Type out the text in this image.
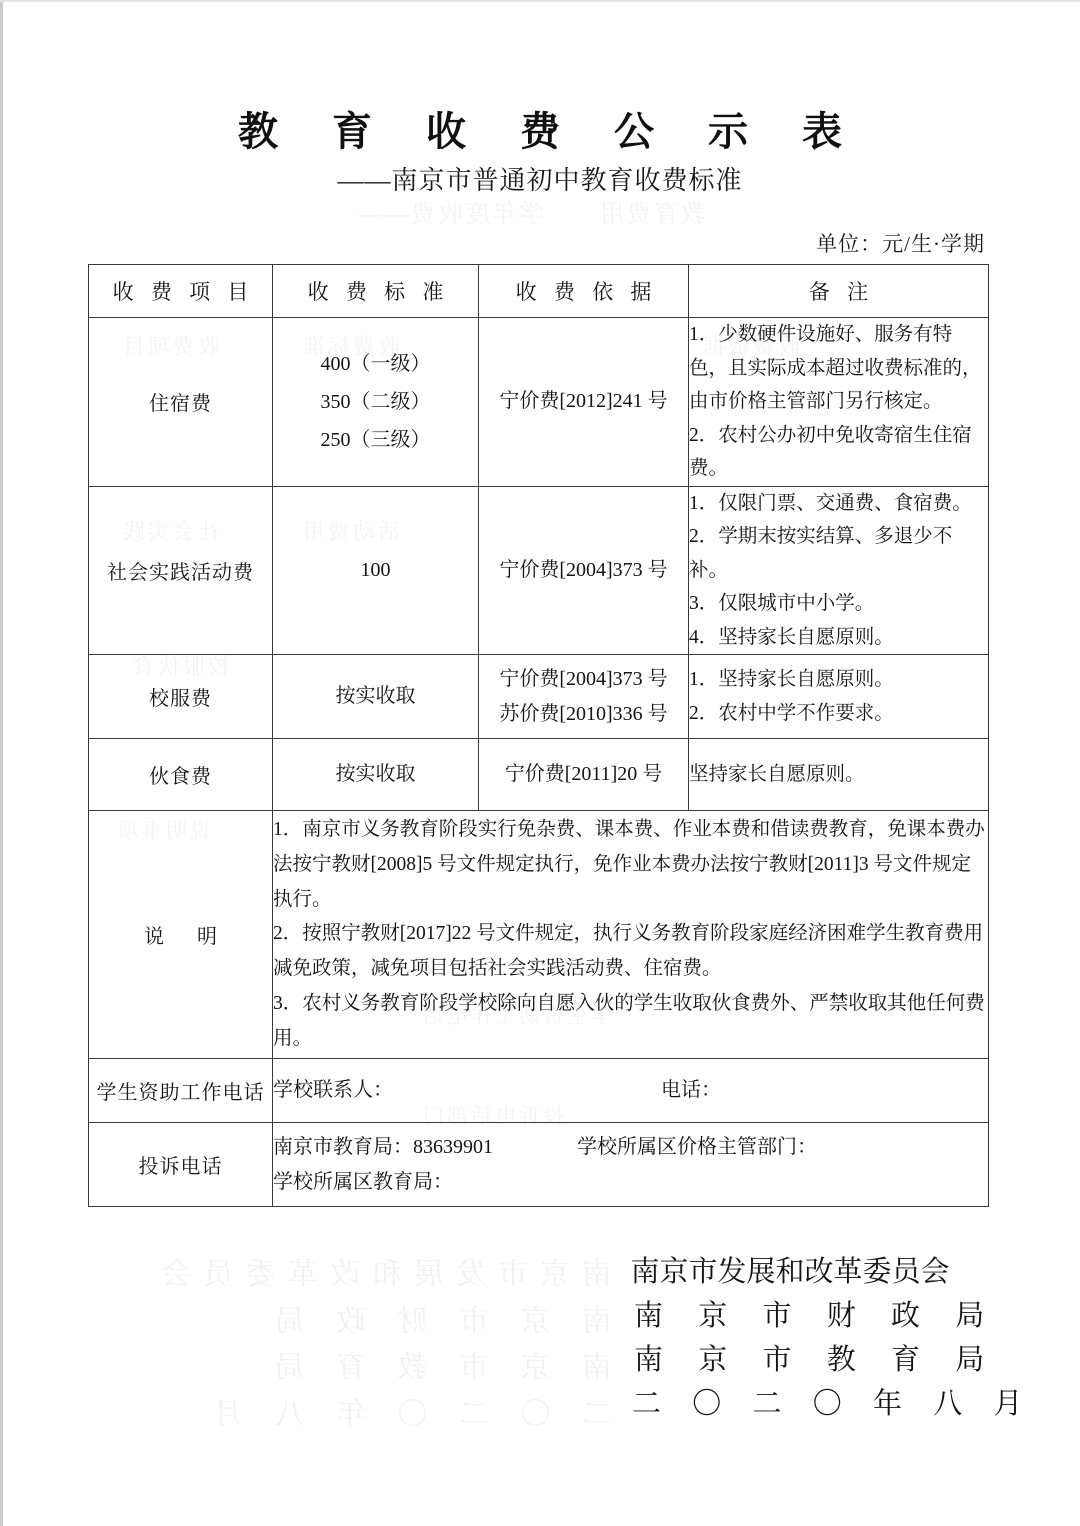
南京市发展和改革委员会
南 京 市 财 政 局
南 京 市 教 育 局
二 〇 二 〇 年 八 月
教 育 收 费 公 示 表
——南京市普通初中教育收费标准
单位：元/生·学期
收 费 项 目	收 费 标 准	收 费 依 据	备 注
住宿费	400（一级）
350（二级）
250（三级）	宁价费[2012]241 号	1．少数硬件设施好、服务有特色，且实际成本超过收费标准的，由市价格主管部门另行核定。
2．农村公办初中免收寄宿生住宿费。
社会实践活动费	100	宁价费[2004]373 号	1．仅限门票、交通费、食宿费。
2．学期末按实结算、多退少不补。
3．仅限城市中小学。
4．坚持家长自愿原则。
校服费	按实收取	宁价费[2004]373 号
苏价费[2010]336 号	1．坚持家长自愿原则。
2．农村中学不作要求。
伙食费	按实收取	宁价费[2011]20 号	坚持家长自愿原则。
说 明	1．南京市义务教育阶段实行免杂费、课本费、作业本费和借读费教育，免课本费办法按宁教财[2008]5 号文件规定执行，免作业本费办法按宁教财[2011]3 号文件规定执行。

2．按照宁教财[2017]22 号文件规定，执行义务教育阶段家庭经济困难学生教育费用减免政策，减免项目包括社会实践活动费、住宿费。

3．农村义务教育阶段学校除向自愿入伙的学生收取伙食费外、严禁收取其他任何费用。		

学生资助工作电话	学校联系人： 电话：		
投诉电话	南京市教育局：83639901 学校所属区价格主管部门：
学校所属区教育局：		
南京市发展和改革委员会
南 京 市 财 政 局
南 京 市 教 育 局
二 〇 二 〇 年 八 月
